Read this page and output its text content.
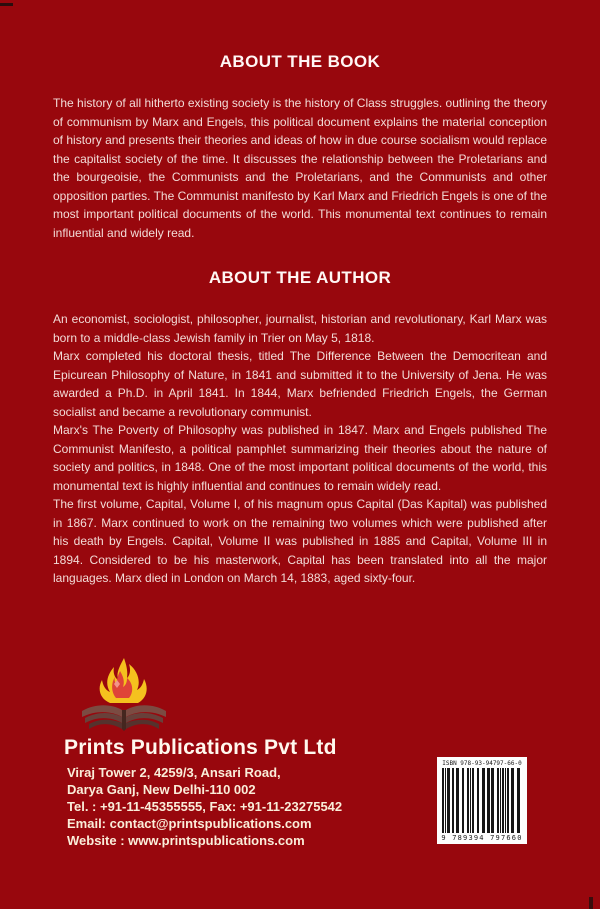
ABOUT THE BOOK

The history of all hitherto existing society is the history of Class struggles. outlining the theory of communism by Marx and Engels, this political document explains the material conception of history and presents their theories and ideas of how in due course socialism would replace the capitalist society of the time. It discusses the relationship between the Proletarians and the bourgeoisie, the Communists and the Proletarians, and the Communists and other opposition parties. The Communist manifesto by Karl Marx and Friedrich Engels is one of the most important political documents of the world. This monumental text continues to remain influential and widely read.

ABOUT THE AUTHOR

An economist, sociologist, philosopher, journalist, historian and revolutionary, Karl Marx was born to a middle-class Jewish family in Trier on May 5, 1818.

Marx completed his doctoral thesis, titled The Difference Between the Democritean and Epicurean Philosophy of Nature, in 1841 and submitted it to the University of Jena. He was awarded a Ph.D. in April 1841. In 1844, Marx befriended Friedrich Engels, the German socialist and became a revolutionary communist.

Marx's The Poverty of Philosophy was published in 1847. Marx and Engels published The Communist Manifesto, a political pamphlet summarizing their theories about the nature of society and politics, in 1848. One of the most important political documents of the world, this monumental text is highly influential and continues to remain widely read.

The first volume, Capital, Volume I, of his magnum opus Capital (Das Kapital) was published in 1867. Marx continued to work on the remaining two volumes which were published after his death by Engels. Capital, Volume II was published in 1885 and Capital, Volume III in 1894. Considered to be his masterwork, Capital has been translated into all the major languages. Marx died in London on March 14, 1883, aged sixty-four.

Prints Publications Pvt Ltd
Viraj Tower 2, 4259/3, Ansari Road,
Darya Ganj, New Delhi-110 002
Tel. : +91-11-45355555, Fax: +91-11-23275542
Email: contact@printspublications.com
Website : www.printspublications.com
ISBN 978-93-94797-66-0
9 789394 797660
